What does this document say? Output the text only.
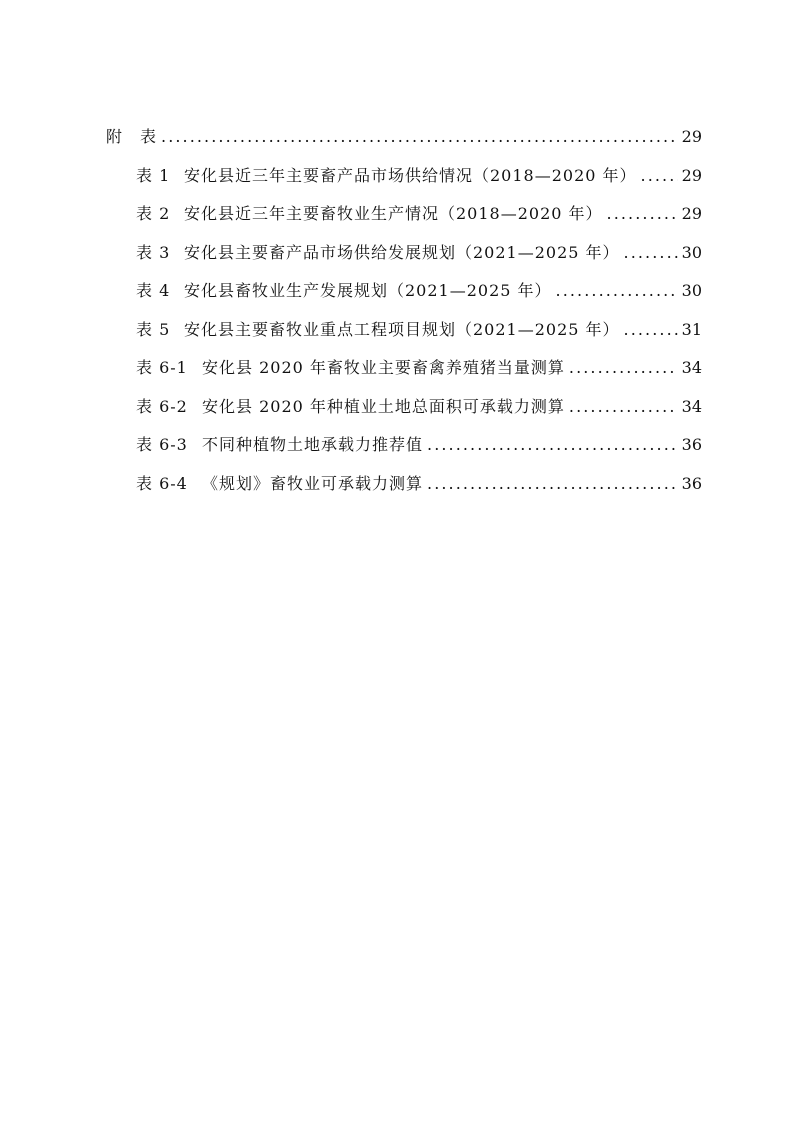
附　表 . . .	29
表 1 安化县近三年主要畜产品市场供给情况（2018—2020 年） . . .	29
表 2 安化县近三年主要畜牧业生产情况（2018—2020 年） . . .	29
表 3 安化县主要畜产品市场供给发展规划（2021—2025 年） . . .	30
表 4 安化县畜牧业生产发展规划（2021—2025 年） . . .	30
表 5 安化县主要畜牧业重点工程项目规划（2021—2025 年） . . .	31
表 6-1 安化县 2020 年畜牧业主要畜禽养殖猪当量测算 . . .	34
表 6-2 安化县 2020 年种植业土地总面积可承载力测算 . . .	34
表 6-3 不同种植物土地承载力推荐值 . . .	36
表 6-4 《规划》畜牧业可承载力测算 . . .	36
